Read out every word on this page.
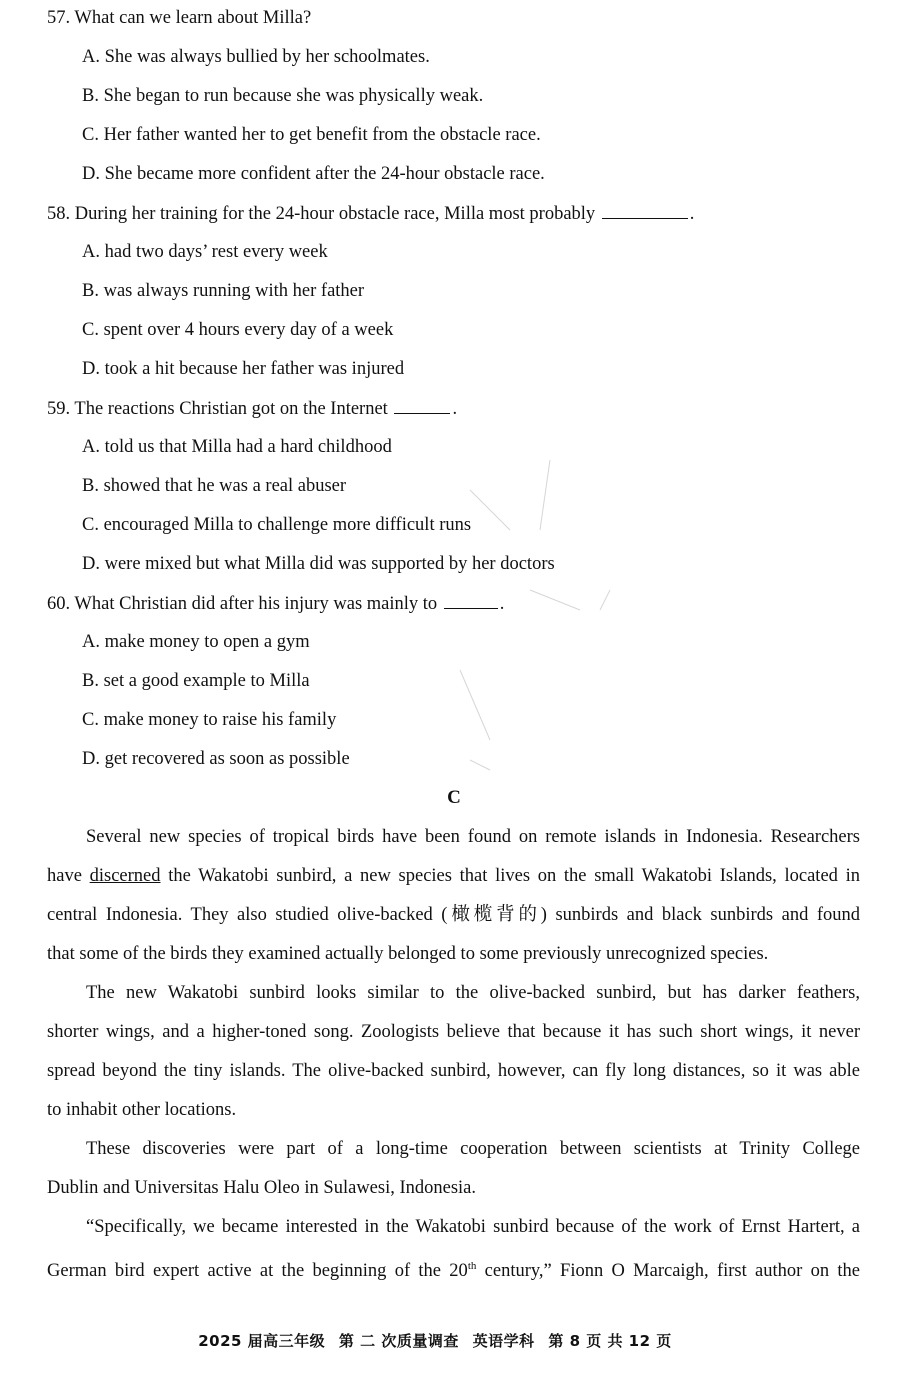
57. What can we learn about Milla?
A. She was always bullied by her schoolmates.
B. She began to run because she was physically weak.
C. Her father wanted her to get benefit from the obstacle race.
D. She became more confident after the 24-hour obstacle race.
58. During her training for the 24-hour obstacle race, Milla most probably	.
A. had two days’ rest every week
B. was always running with her father
C. spent over 4 hours every day of a week
D. took a hit because her father was injured
59. The reactions Christian got on the Internet	.
A. told us that Milla had a hard childhood
B. showed that he was a real abuser
C. encouraged Milla to challenge more difficult runs
D. were mixed but what Milla did was supported by her doctors
60. What Christian did after his injury was mainly to	.
A. make money to open a gym
B. set a good example to Milla
C. make money to raise his family
D. get recovered as soon as possible
C
Several new species of tropical birds have been found on remote islands in Indonesia. Researchers
have discerned the Wakatobi sunbird, a new species that lives on the small Wakatobi Islands, located in
central Indonesia. They also studied olive-backed (橄榄背的) sunbirds and black sunbirds and found
that some of the birds they examined actually belonged to some previously unrecognized species.
The new Wakatobi sunbird looks similar to the olive-backed sunbird, but has darker feathers,
shorter wings, and a higher-toned song. Zoologists believe that because it has such short wings, it never
spread beyond the tiny islands. The olive-backed sunbird, however, can fly long distances, so it was able
to inhabit other locations.
These discoveries were part of a long-time cooperation between scientists at Trinity College
Dublin and Universitas Halu Oleo in Sulawesi, Indonesia.
“Specifically, we became interested in the Wakatobi sunbird because of the work of Ernst Hartert, a
German bird expert active at the beginning of the 20th century,” Fionn O Marcaigh, first author on the
2025 届高三年级 第 二 次质量调查 英语学科 第 8 页 共 12 页
